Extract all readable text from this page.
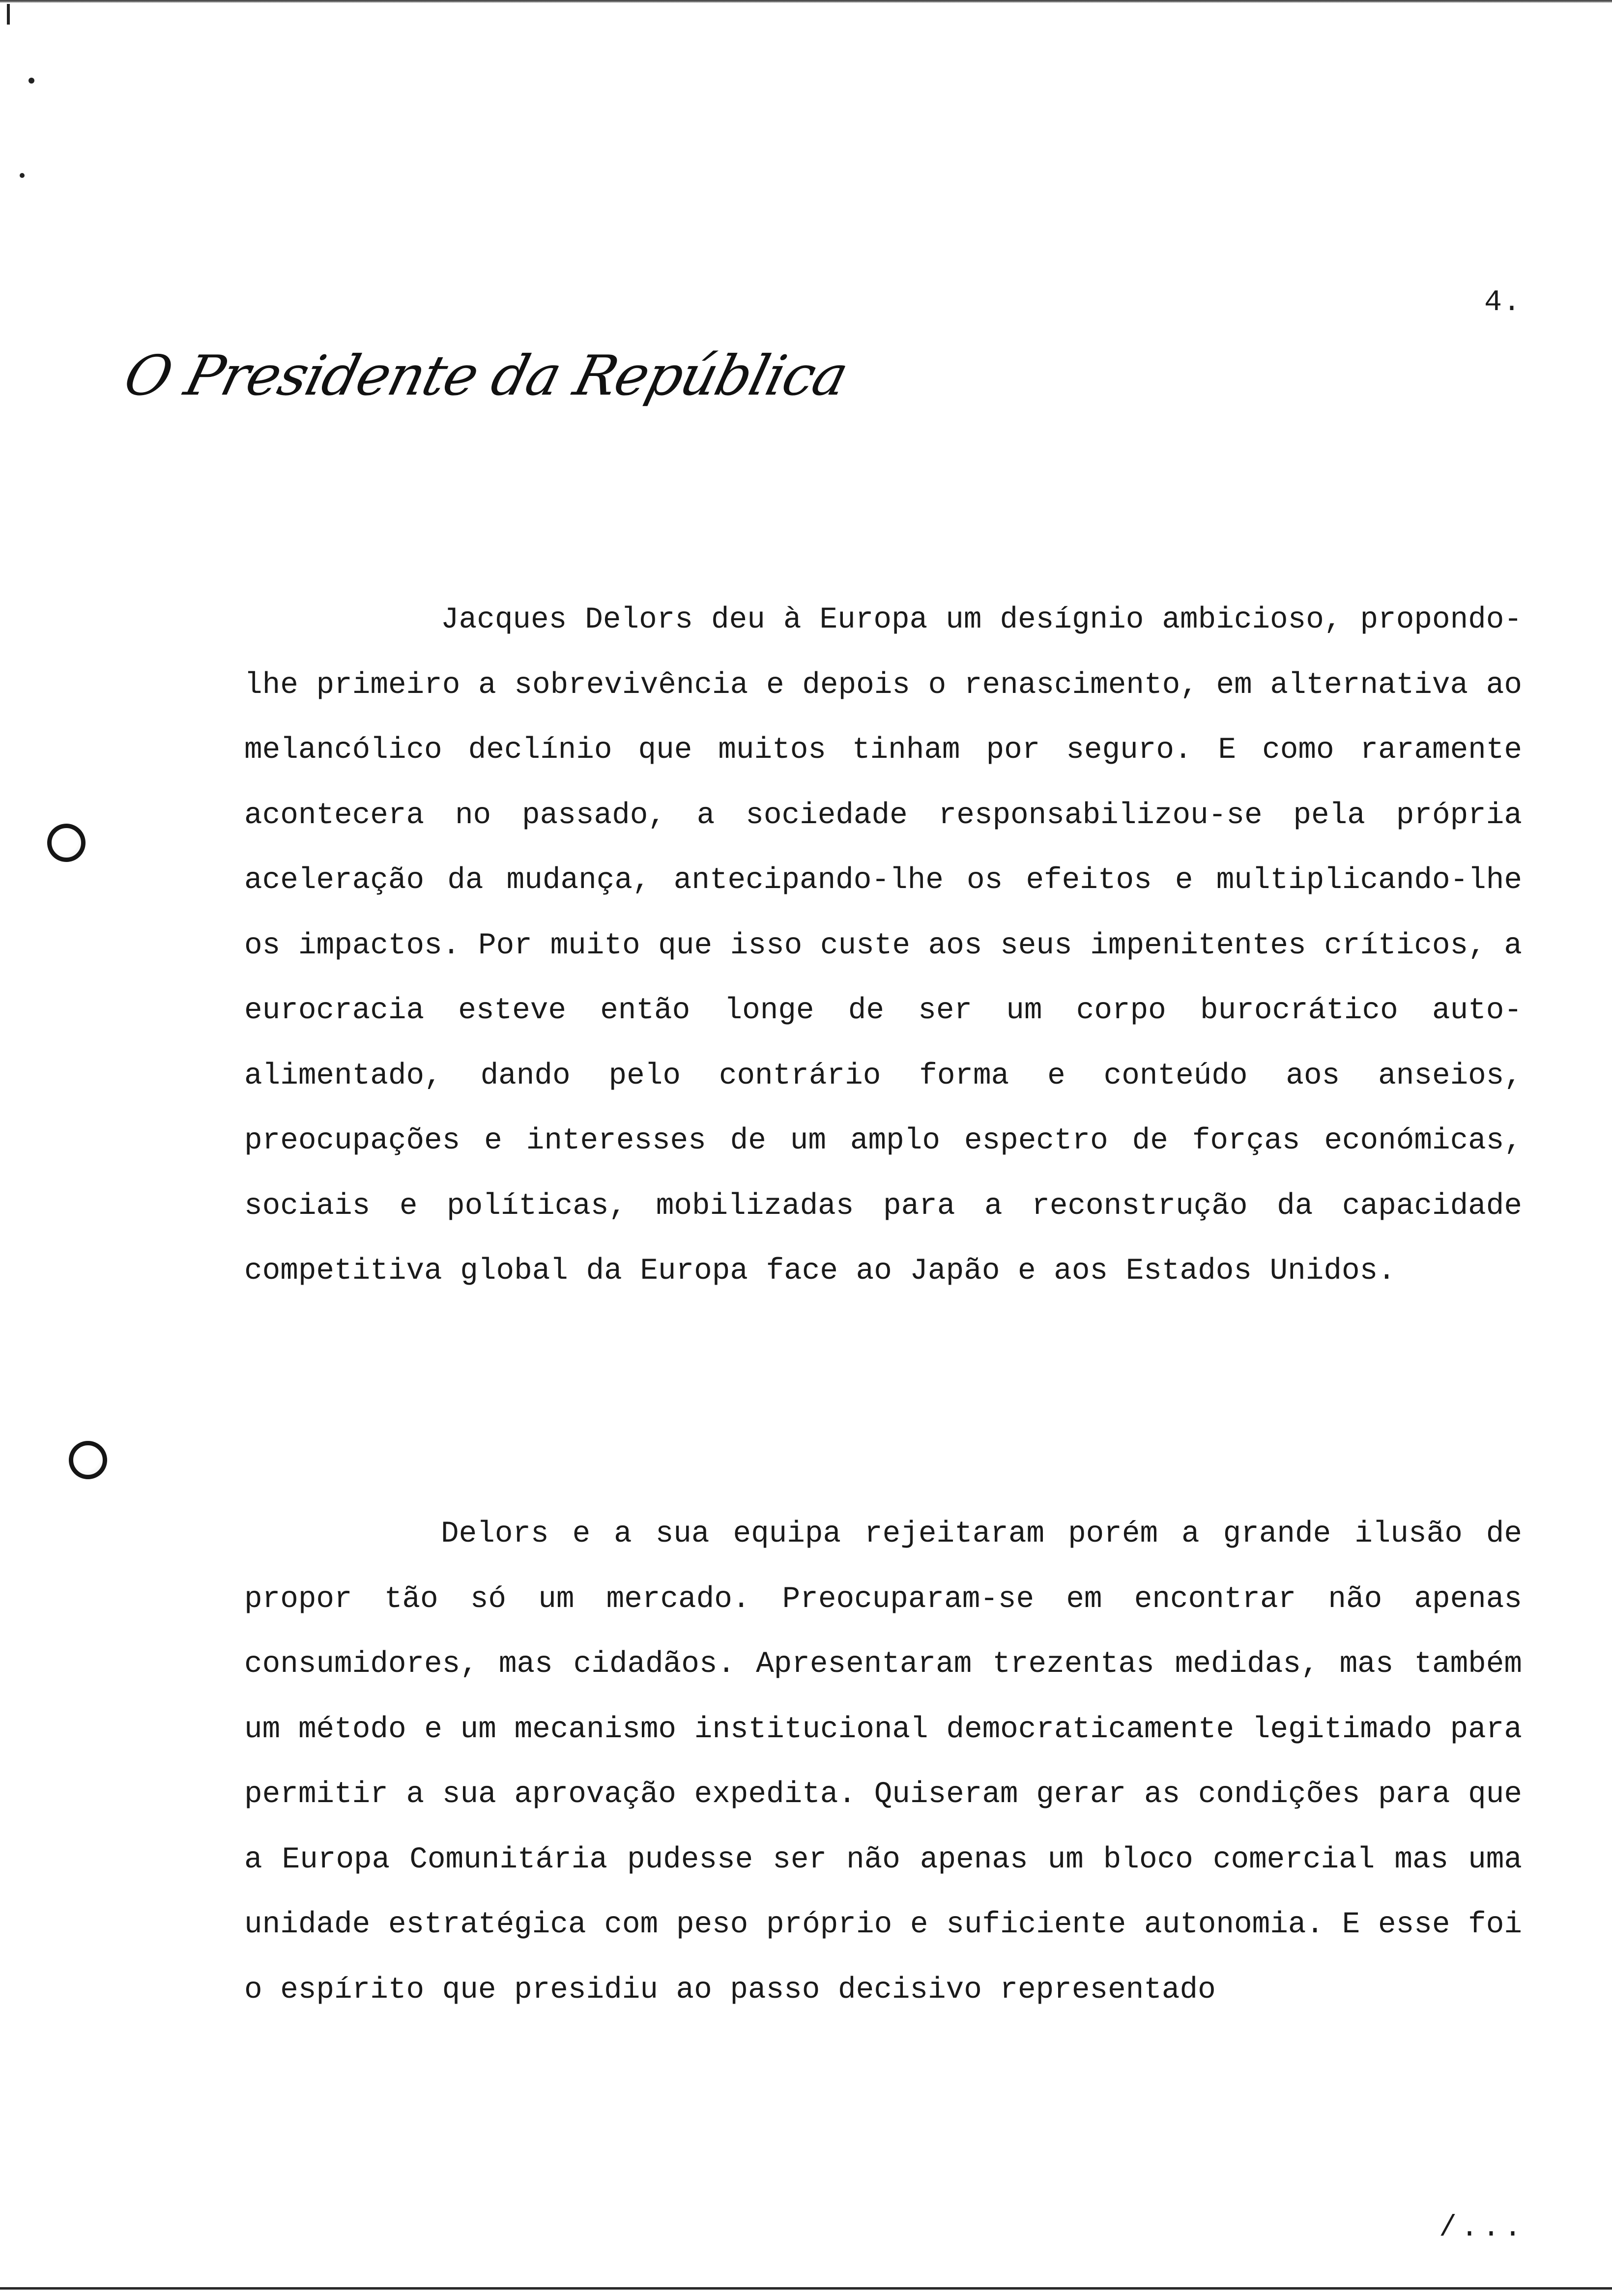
4.
O Presidente da República

Jacques Delors deu à Europa um desígnio ambicioso, propondo-lhe primeiro a sobrevivência e depois o renascimento, em alternativa ao melancólico declínio que muitos tinham por seguro. E como raramente acontecera no passado, a sociedade responsabilizou-se pela própria aceleração da mudança, antecipando-lhe os efeitos e multiplicando-lhe os impactos. Por muito que isso custe aos seus impenitentes críticos, a eurocracia esteve então longe de ser um corpo burocrático auto-alimentado, dando pelo contrário forma e conteúdo aos anseios, preocupações e interesses de um amplo espectro de forças económicas, sociais e políticas, mobilizadas para a reconstrução da capacidade competitiva global da Europa face ao Japão e aos Estados Unidos.

Delors e a sua equipa rejeitaram porém a grande ilusão de propor tão só um mercado. Preocuparam-se em encontrar não apenas consumidores, mas cidadãos. Apresentaram trezentas medidas, mas também um método e um mecanismo institucional democraticamente legitimado para permitir a sua aprovação expedita. Quiseram gerar as condições para que a Europa Comunitária pudesse ser não apenas um bloco comercial mas uma unidade estratégica com peso próprio e suficiente autonomia. E esse foi o espírito que presidiu ao passo decisivo representado

/...
